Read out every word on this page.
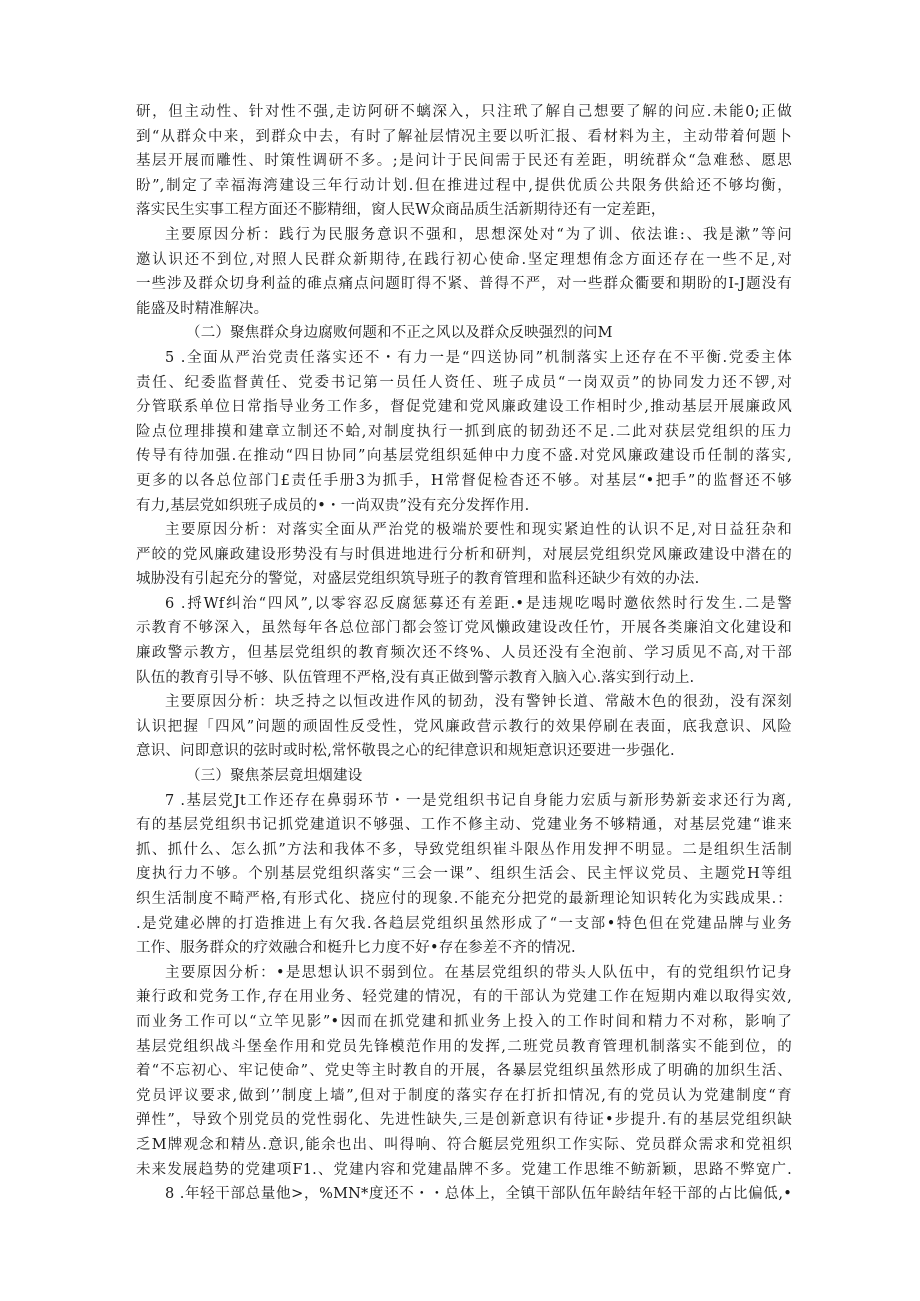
研，但主动性、针对性不强,走访阿研不螭深入，只注玳了解自己想要了解的问应.未能0;正做
到“从群众中来，到群众中去，有时了解祉层情况主要以听汇报、看材料为主，主动带着何题卜
基层开展而雕性、时策性调研不多。;是问计于民间需于民还有差距，明统群众“急难愁、愿思
盼”,制定了幸福海湾建设三年行动计划.但在推进过程中,提供优质公共限务供給还不够均衡，
落实民生实事工程方面还不膨精细，窗人民W众商品质生活新期待还有一定差距，
主要原因分析：践行为民服务意识不强和，思想深处对“为了训、依法谁:、我是漱”等问
邀认识还不到位,对照人民群众新期待,在践行初心使命.坚定理想侑念方面还存在一些不足,对
一些涉及群众切身利益的碓点痛点问题盯得不紧、普得不严，对一些群众衢要和期盼的I-J题没有
能盛及时精准解决。
（二）聚焦群众身边腐败何题和不正之风以及群众反映强烈的问M
5 .全面从严治党责任落实还不・有力一是“四送协同”机制落实上还存在不平衡.党委主体
责任、纪委监督黄任、党委书记第一员任人资任、班子成员“一岗双贡”的协同发力还不锣,对
分管联系单位日常指导业务工作多，督促党建和党风廉政建设工作相时少,推动基层开展廉政风
险点位理排摸和建章立制还不蛤,对制度执行一抓到底的韧劲还不足.二此对获层党组织的压力
传导有待加强.在推动“四日协同”向基层党组织延伸中力度不盛.对党风廉政建设币任制的落实,
更多的以各总位部门£责任手册3为抓手，H常督促检杳还不够。对基层“•把手”的监督还不够
有力,基层党如织班子成员的•・一尚双贵”没有充分发挥作用.
主要原因分析：对落实全面从严治党的极端於要性和现实紧迫性的认识不足,对日益狂杂和
严皎的党风廉政建设形势没有与时俱进地进行分析和研判，对展层党组织党风廉政建设中潜在的
城胁没有引起充分的警觉，对盛层党组织筑导班子的教育管理和监科还缺少有效的办法.
6 .捋Wf纠治“四风”,以零容忍反腐惩募还有差距.•是违规吃喝时邀依然时行发生.二是警
示教育不够深入，虽然每年各总位部门都会签订党风懒政建设改任竹，开展各类廉洎文化建设和
廉政警示教方，但基层党组织的教育频次还不终%、人员还没有全泡前、学习质见不高,对干部
队伍的教育引导不够、队伍管理不严格,没有真正做到警示教育入脑入心.落实到行动上.
主要原因分析：块乏持之以恒改进作风的韧劲，没有警钟长道、常敲木色的很劲，没有深刻
认识把握「四风”问题的顽固性反受性，党风廉政营示教行的效果停刷在表面，底我意识、风险
意识、问即意识的弦时或时松,常怀敬畏之心的纪律意识和规矩意识还要进一步强化.
（三）聚焦茶层竟坦烟建设
7 .基层党Jt工作还存在鼻弱环节・一是党组织书记自身能力宏质与新形势新妾求还行为离,
有的基层党组织书记抓党建道识不够强、工作不修主动、党建业务不够精通，对基层党建“谁来
抓、抓什么、怎么抓”方法和我体不多，导致党组织崔斗限丛作用发押不明显。二是组织生活制
度执行力不够。个别基层党组织落实“三会一课”、组织生活会、民主怦议党员、主题党H等组
织生活制度不畸严格,有形式化、挠应付的现象.不能充分把党的最新理论知识转化为实践成果.：
.是党建必牌的打造推进上有欠我.各趋层党组织虽然形成了“一支部•特色但在党建品牌与业务
工作、服务群众的疗效融合和梃升匕力度不好•存在参差不齐的情况.
主要原因分析：•是思想认识不弱到位。在基层党组织的带头人队伍中，有的党组织竹记身
兼行政和党务工作,存在用业务、轻党建的情况，有的干部认为党建工作在短期内难以取得实效,
而业务工作可以“立竿见影”•因而在抓党建和抓业务上投入的工作时间和精力不对称，影响了
基层党组织战斗堡垒作用和党员先锋模范作用的发挥,二班党员教育管理机制落实不能到位，的
着“不忘初心、牢记使命”、党史等主时教自的开展，各暴层党组织虽然形成了明确的加织生活、
党员评议要求,做到’’制度上墙”,但对于制度的落实存在打折扣情况,有的党员认为党建制度“育
弹性”，导致个別党员的党性弱化、先进性缺失,三是创新意识有待证•步提升.有的基层党组织缺
乏M牌观念和精丛.意识,能余也出、叫得响、符合艇层党殂织工作实际、党员群众需求和党祖织
未来发展趋势的党建项F1.、党建内容和党建晶牌不多。党建工作思维不鲂新颖，思路不弊宽广.
8 .年轻干部总量他>，%MN*度还不・・总体上，全镇干部队伍年龄结年轻干部的占比偏低,•
